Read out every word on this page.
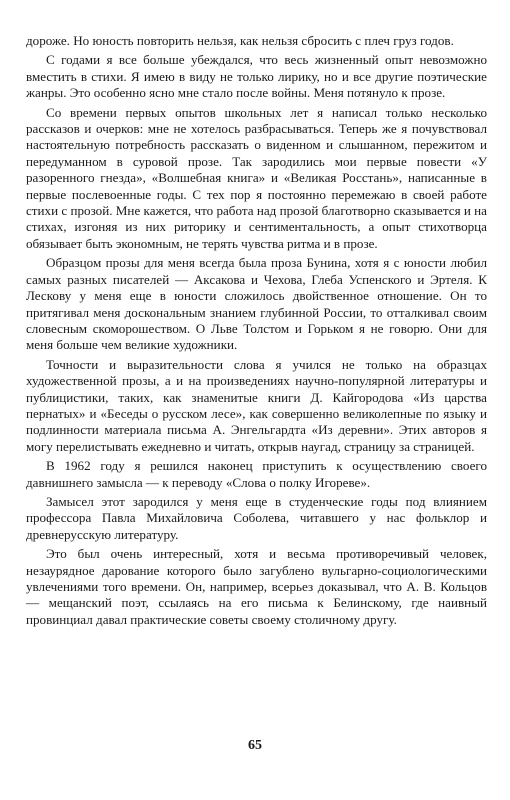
дороже. Но юность повторить нельзя, как нельзя сбросить с плеч груз годов.

С годами я все больше убеждался, что весь жизненный опыт невозможно вместить в стихи. Я имею в виду не только лирику, но и все другие поэтические жанры. Это особенно ясно мне стало после войны. Меня потянуло к прозе.

Со времени первых опытов школьных лет я написал только несколько рассказов и очерков: мне не хотелось разбрасываться. Теперь же я почувствовал настоятельную потребность рассказать о виденном и слышанном, пережитом и передуманном в суровой прозе. Так зародились мои первые повести «У разоренного гнезда», «Волшебная книга» и «Великая Росстань», написанные в первые послевоенные годы. С тех пор я постоянно перемежаю в своей работе стихи с прозой. Мне кажется, что работа над прозой благотворно сказывается и на стихах, изгоняя из них риторику и сентиментальность, а опыт стихотворца обязывает быть экономным, не терять чувства ритма и в прозе.

Образцом прозы для меня всегда была проза Бунина, хотя я с юности любил самых разных писателей — Аксакова и Чехова, Глеба Успенского и Эртеля. К Лескову у меня еще в юности сложилось двойственное отношение. Он то притягивал меня доскональным знанием глубинной России, то отталкивал своим словесным скоморошеством. О Льве Толстом и Горьком я не говорю. Они для меня больше чем великие художники.

Точности и выразительности слова я учился не только на образцах художественной прозы, а и на произведениях научно-популярной литературы и публицистики, таких, как знаменитые книги Д. Кайгородова «Из царства пернатых» и «Беседы о русском лесе», как совершенно великолепные по языку и подлинности материала письма А. Энгельгардта «Из деревни». Этих авторов я могу перелистывать ежедневно и читать, открыв наугад, страницу за страницей.

В 1962 году я решился наконец приступить к осуществлению своего давнишнего замысла — к переводу «Слова о полку Игореве».

Замысел этот зародился у меня еще в студенческие годы под влиянием профессора Павла Михайловича Соболева, читавшего у нас фольклор и древнерусскую литературу.

Это был очень интересный, хотя и весьма противоречивый человек, незаурядное дарование которого было загублено вульгарно-социологическими увлечениями того времени. Он, например, всерьез доказывал, что А. В. Кольцов — мещанский поэт, ссылаясь на его письма к Белинскому, где наивный провинциал давал практические советы своему столичному другу.

65
